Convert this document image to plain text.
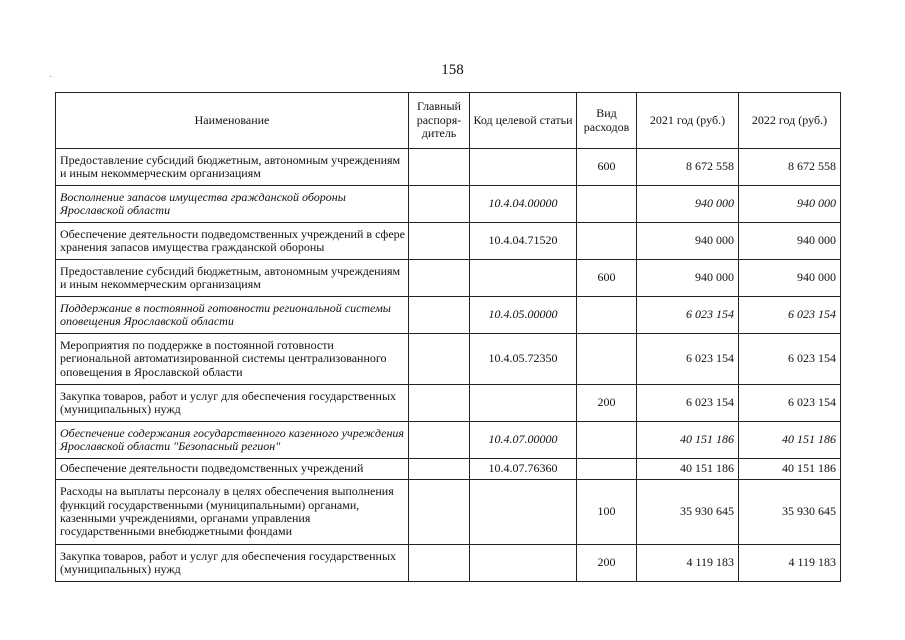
158
·
Наименование	Главный распоря-дитель	Код целевой статьи	Вид расходов	2021 год (руб.)	2022 год (руб.)
Предоставление субсидий бюджетным, автономным учреждениям и иным некоммерческим организациям			600	8 672 558	8 672 558
Восполнение запасов имущества гражданской обороны Ярославской области		10.4.04.00000		940 000	940 000
Обеспечение деятельности подведомственных учреждений в сфере хранения запасов имущества гражданской обороны		10.4.04.71520		940 000	940 000
Предоставление субсидий бюджетным, автономным учреждениям и иным некоммерческим организациям			600	940 000	940 000
Поддержание в постоянной готовности региональной системы оповещения Ярославской области		10.4.05.00000		6 023 154	6 023 154
Мероприятия по поддержке в постоянной готовности региональной автоматизированной системы централизованного оповещения в Ярославской области		10.4.05.72350		6 023 154	6 023 154
Закупка товаров, работ и услуг для обеспечения государственных (муниципальных) нужд			200	6 023 154	6 023 154
Обеспечение содержания государственного казенного учреждения Ярославской области "Безопасный регион"		10.4.07.00000		40 151 186	40 151 186
Обеспечение деятельности подведомственных учреждений		10.4.07.76360		40 151 186	40 151 186
Расходы на выплаты персоналу в целях обеспечения выполнения функций государственными (муниципальными) органами, казенными учреждениями, органами управления государственными внебюджетными фондами			100	35 930 645	35 930 645
Закупка товаров, работ и услуг для обеспечения государственных (муниципальных) нужд			200	4 119 183	4 119 183
